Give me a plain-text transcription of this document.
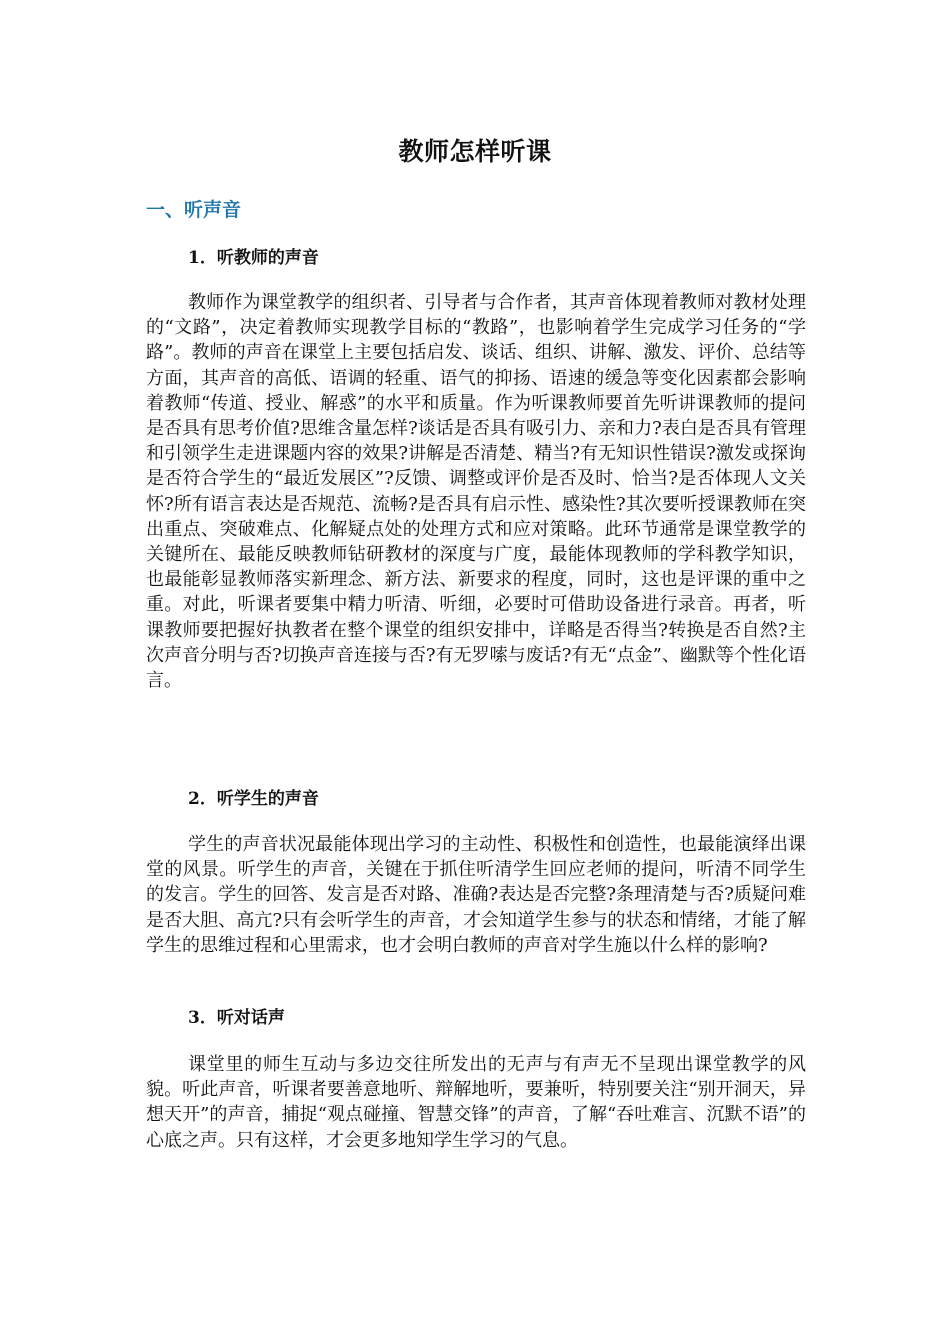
教师怎样听课
一、听声音
1．听教师的声音

教师作为课堂教学的组织者、引导者与合作者，其声音体现着教师对教材处理的“文路”，决定着教师实现教学目标的“教路”，也影响着学生完成学习任务的“学路”。教师的声音在课堂上主要包括启发、谈话、组织、讲解、激发、评价、总结等方面，其声音的高低、语调的轻重、语气的抑扬、语速的缓急等变化因素都会影响着教师“传道、授业、解惑”的水平和质量。作为听课教师要首先听讲课教师的提问是否具有思考价值?思维含量怎样?谈话是否具有吸引力、亲和力?表白是否具有管理和引领学生走进课题内容的效果?讲解是否清楚、精当?有无知识性错误?激发或探询是否符合学生的“最近发展区”?反馈、调整或评价是否及时、恰当?是否体现人文关怀?所有语言表达是否规范、流畅?是否具有启示性、感染性?其次要听授课教师在突出重点、突破难点、化解疑点处的处理方式和应对策略。此环节通常是课堂教学的关键所在、最能反映教师钻研教材的深度与广度，最能体现教师的学科教学知识，也最能彰显教师落实新理念、新方法、新要求的程度，同时，这也是评课的重中之重。对此，听课者要集中精力听清、听细，必要时可借助设备进行录音。再者，听课教师要把握好执教者在整个课堂的组织安排中，详略是否得当?转换是否自然?主次声音分明与否?切换声音连接与否?有无罗嗦与废话?有无“点金”、幽默等个性化语言。

2．听学生的声音

学生的声音状况最能体现出学习的主动性、积极性和创造性，也最能演绎出课堂的风景。听学生的声音，关键在于抓住听清学生回应老师的提问，听清不同学生的发言。学生的回答、发言是否对路、准确?表达是否完整?条理清楚与否?质疑问难是否大胆、高亢?只有会听学生的声音，才会知道学生参与的状态和情绪，才能了解学生的思维过程和心里需求，也才会明白教师的声音对学生施以什么样的影响?

3．听对话声

课堂里的师生互动与多边交往所发出的无声与有声无不呈现出课堂教学的风貌。听此声音，听课者要善意地听、辩解地听，要兼听，特别要关注“别开洞天，异想天开”的声音，捕捉“观点碰撞、智慧交锋”的声音，了解“吞吐难言、沉默不语”的心底之声。只有这样，才会更多地知学生学习的气息。
